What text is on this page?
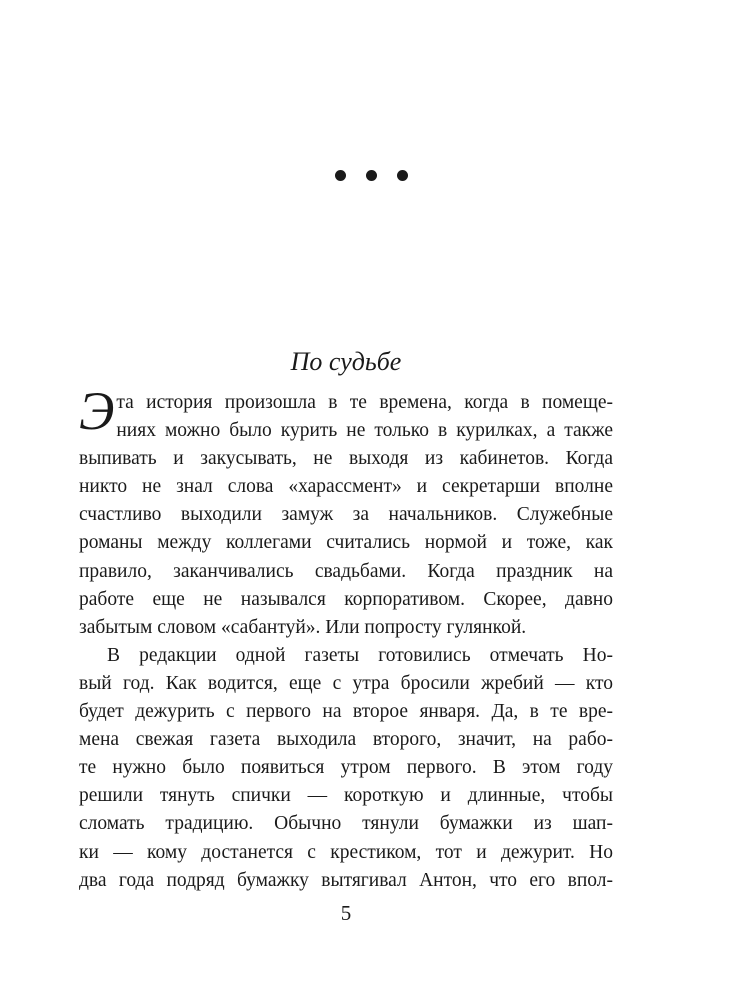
По судьбе
Э та история произошла в те времена, когда в помеще-
ниях можно было курить не только в курилках, а также
выпивать и закусывать, не выходя из кабинетов. Когда
никто не знал слова «харассмент» и секретарши вполне
счастливо выходили замуж за начальников. Служебные
романы между коллегами считались нормой и тоже, как
правило, заканчивались свадьбами. Когда праздник на
работе еще не назывался корпоративом. Скорее, давно
забытым словом «сабантуй». Или попросту гулянкой.
В редакции одной газеты готовились отмечать Но-
вый год. Как водится, еще с утра бросили жребий — кто
будет дежурить с первого на второе января. Да, в те вре-
мена свежая газета выходила второго, значит, на рабо-
те нужно было появиться утром первого. В этом году
решили тянуть спички — короткую и длинные, чтобы
сломать традицию. Обычно тянули бумажки из шап-
ки — кому достанется с крестиком, тот и дежурит. Но
два года подряд бумажку вытягивал Антон, что его впол-
5
